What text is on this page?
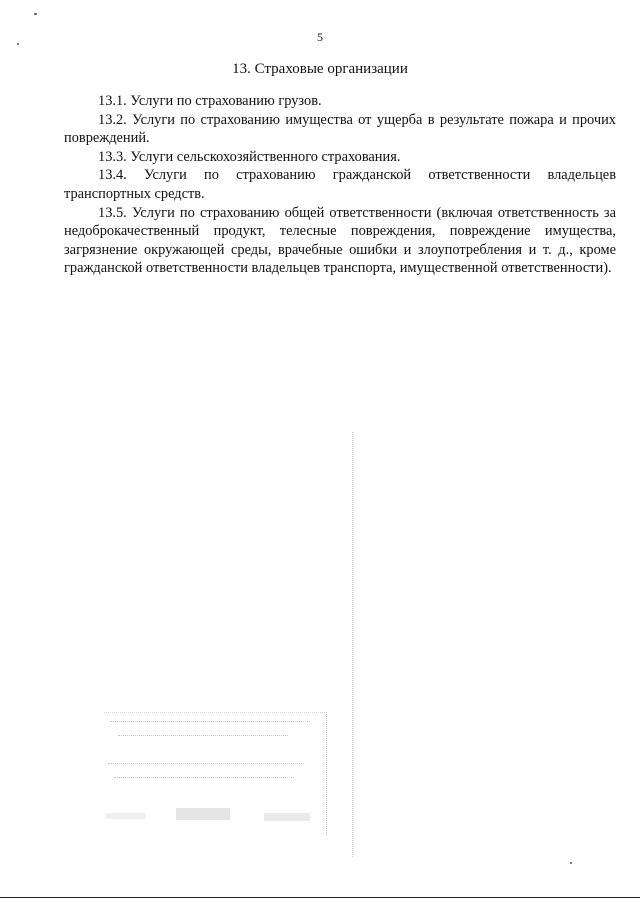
5
13. Страховые организации

13.1. Услуги по страхованию грузов.

13.2. Услуги по страхованию имущества от ущерба в результате пожара и прочих повреждений.

13.3. Услуги сельскохозяйственного страхования.

13.4. Услуги по страхованию гражданской ответственности владельцев транспортных средств.

13.5. Услуги по страхованию общей ответственности (включая ответственность за недоброкачественный продукт, телесные повреждения, повреждение имущества, загрязнение окружающей среды, врачебные ошибки и злоупотребления и т. д., кроме гражданской ответственности владельцев транспорта, имущественной ответственности).
